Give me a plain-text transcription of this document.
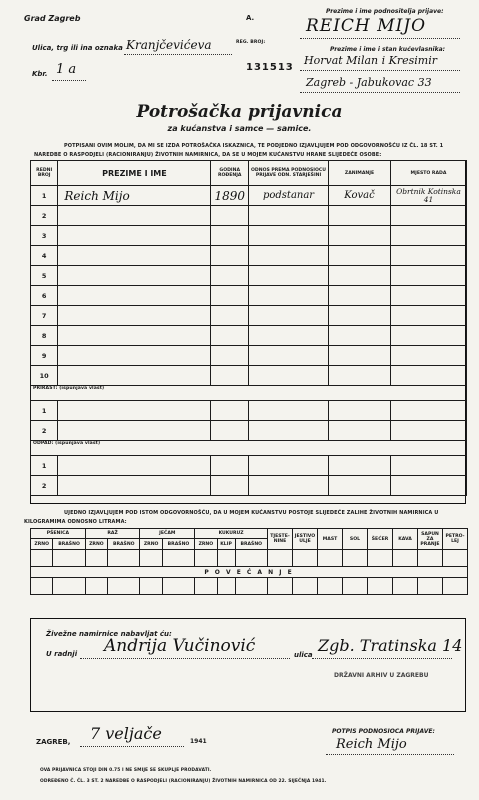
Grad Zagreb	A.
REG. BROJ:
131513
Ulica, trg ili ina oznaka Kranjčevićeva
Kbr. 1 a
Prezime i ime podnositelja prijave:
REICH MIJO
Prezime i ime i stan kućevlasnika:
Horvat Milan i Kresimir
Zagreb - Jabukovac 33
Potrošačka prijavnica
za kućanstva i samce — samice.
POTPISANI OVIM MOLIM, DA MI SE IZDA POTROŠAČKA ISKAZNICA, TE PODJEDNO IZJAVLJUJEM POD ODGOVORNOŠĆU IZ ČL. 18 ST. 1 NAREDBE O RASPODJELI (RACIONIRANJU) ŽIVOTNIH NAMIRNICA, DA SE U MOJEM KUĆANSTVU HRANE SLIJEDEĆE OSOBE:
REDNI BROJ	PREZIME I IME	GODINA ROĐENJA	ODNOS PREMA PODNOSIOCU PRIJAVE ODN. STARJEŠINI	ZANIMANJE	MJESTO RADA
1	Reich Mijo	1890	podstanar	Kovač	Obrtnik Kotinska 41
2					
3					
4					
5					
6					
7					
8					
9					
10					
PRIRAST: (ispunjava vlast)					
1					
2					
ODPAD: (ispunjava vlast)					
1					
2					
UJEDNO IZJAVLJUJEM POD ISTOM ODGOVORNOŠĆU, DA U MOJEM KUĆANSTVU POSTOJE SLIJEDEĆE ZALIHE ŽIVOTNIH NAMIRNICA U KILOGRAMIMA ODNOSNO LITRAMA:
PŠENICA		RAŽ		JEČAM		KUKURUZ			TJESTE-NINE	JESTIVO ULJE	MAST	SOL	ŠEĆER	KAVA	SAPUN ZA PRANJE	PETRO-LEJ
ZRNO	BRAŠNO	ZRNO	BRAŠNO	ZRNO	BRAŠNO	ZRNO	KLIP	BRAŠNO								

P O V E Ć A N J E																

Živežne namirnice nabavljat ću:
U radnji Andrija Vučinović	ulica Zgb. Tratinska 14
DRŽAVNI ARHIV U ZAGREBU
ZAGREB, 7 veljače	1941
POTPIS PODNOSIOCA PRIJAVE:
Reich Mijo
OVA PRIJAVNICA STOJI DIN 0.75 I NE SMIJE SE SKUPLJE PRODAVATI.
ODREĐENO Č. ČL. 3 ST. 2 NAREDBE O RASPODJELI (RACIONIRANJU) ŽIVOTNIH NAMIRNICA OD 22. SIJEČNJA 1941.
